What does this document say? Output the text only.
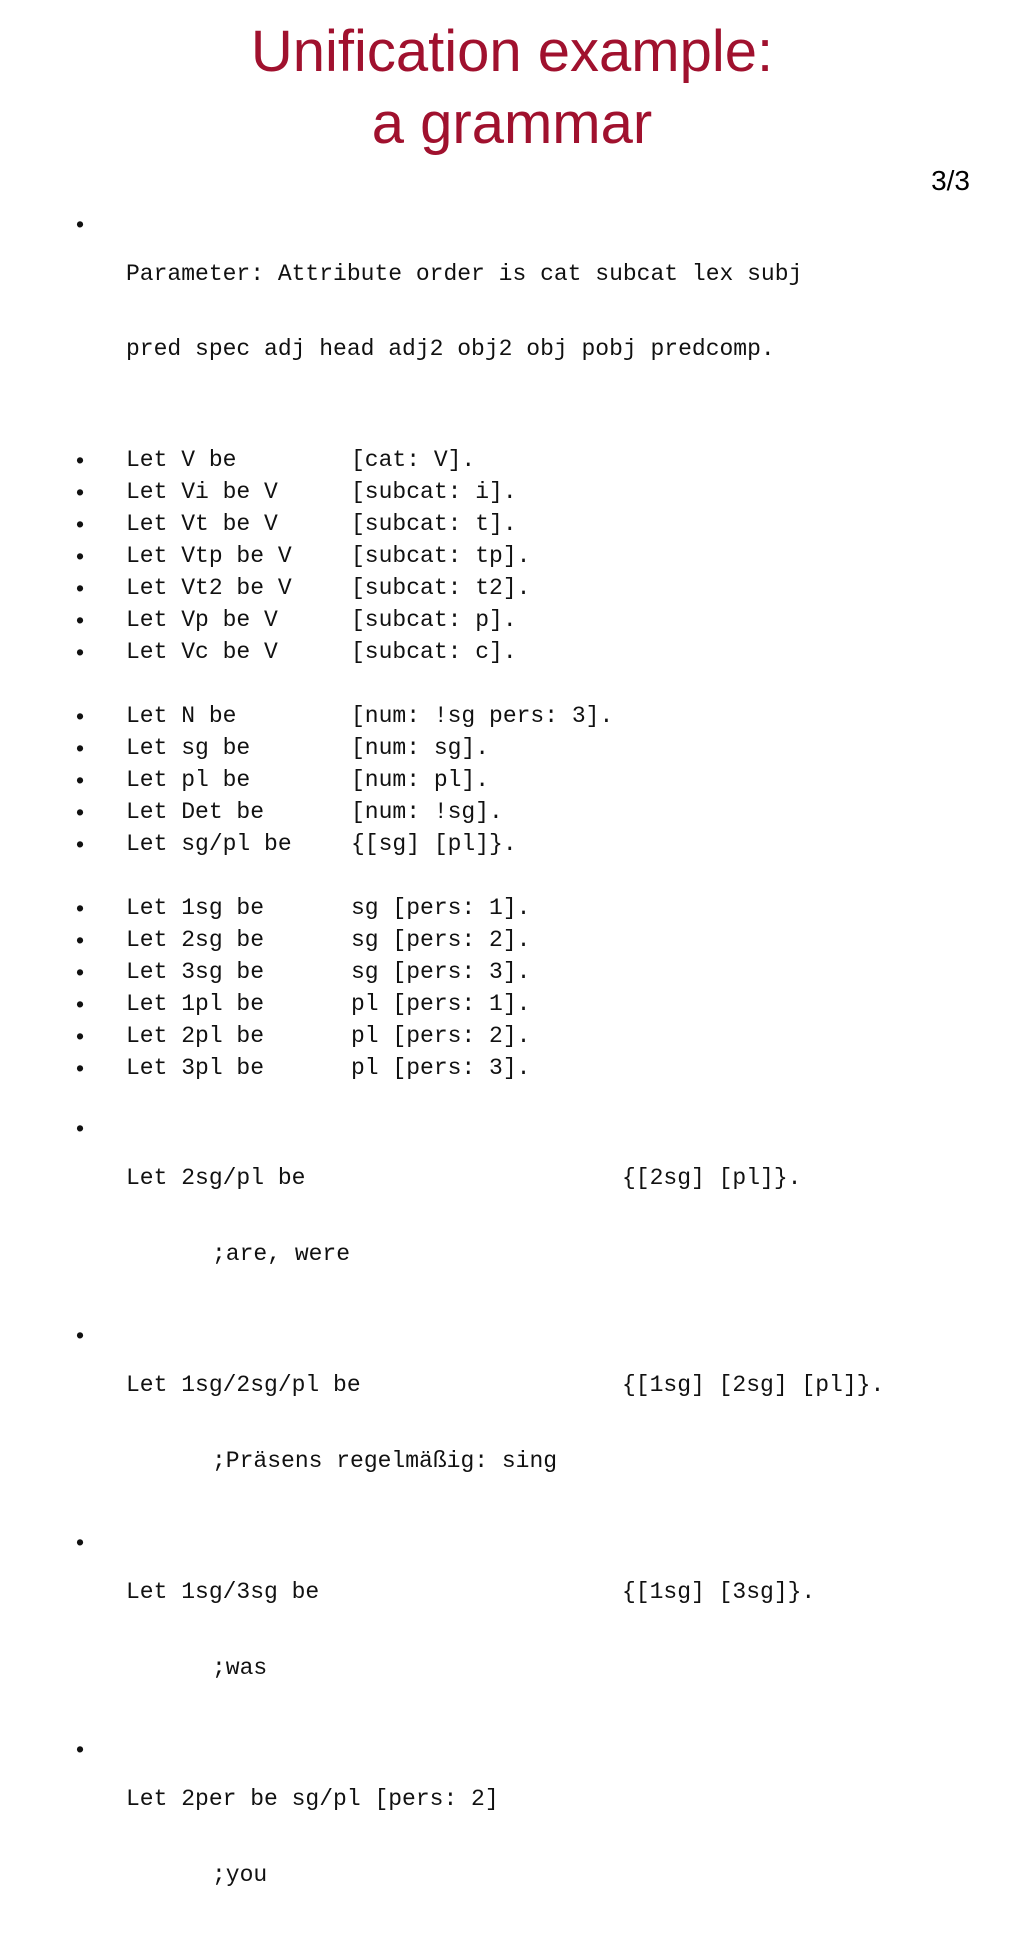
Unification example:
a grammar
3/3

• Parameter: Attribute order is cat subcat lex subj

pred spec adj head adj2 obj2 obj pobj predcomp.

• Let V be	[cat: V].
• Let Vi be V	[subcat: i].
• Let Vt be V	[subcat: t].
• Let Vtp be V	[subcat: tp].
• Let Vt2 be V	[subcat: t2].
• Let Vp be V	[subcat: p].
• Let Vc be V	[subcat: c].
• Let N be	[num: !sg pers: 3].
• Let sg be	[num: sg].
• Let pl be	[num: pl].
• Let Det be	[num: !sg].
• Let sg/pl be	{[sg] [pl]}.
• Let 1sg be	sg [pers: 1].
• Let 2sg be	sg [pers: 2].
• Let 3sg be	sg [pers: 3].
• Let 1pl be	pl [pers: 1].
• Let 2pl be	pl [pers: 2].
• Let 3pl be	pl [pers: 3].

• Let 2sg/pl be	{[2sg] [pl]}.

;are, were

• Let 1sg/2sg/pl be	{[1sg] [2sg] [pl]}.

;Präsens regelmäßig: sing

• Let 1sg/3sg be	{[1sg] [3sg]}.

;was

• Let 2per be sg/pl [pers: 2]

;you
